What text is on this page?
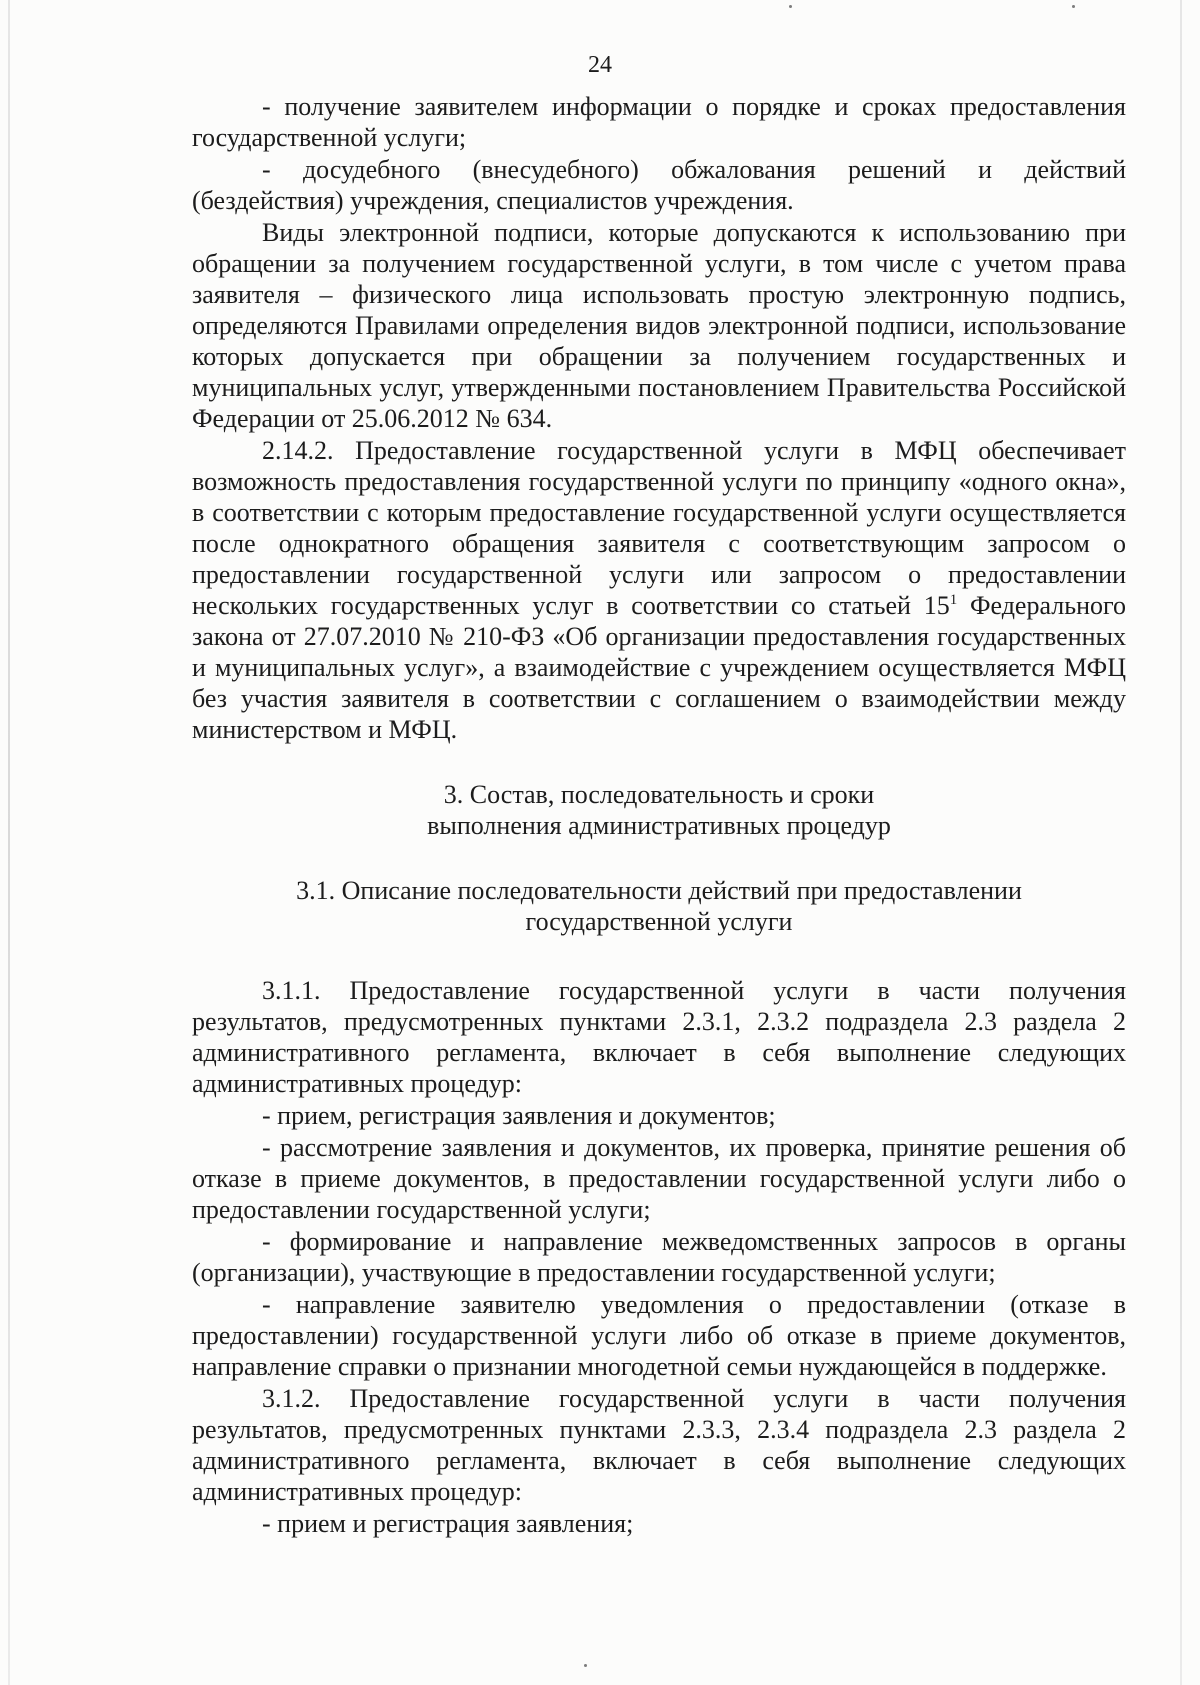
24

- получение заявителем информации о порядке и сроках предоставления государственной услуги;

- досудебного (внесудебного) обжалования решений и действий (бездействия) учреждения, специалистов учреждения.

Виды электронной подписи, которые допускаются к использованию при обращении за получением государственной услуги, в том числе с учетом права заявителя – физического лица использовать простую электронную подпись, определяются Правилами определения видов электронной подписи, использование которых допускается при обращении за получением государственных и муниципальных услуг, утвержденными постановлением Правительства Российской Федерации от 25.06.2012 № 634.

2.14.2. Предоставление государственной услуги в МФЦ обеспечивает возможность предоставления государственной услуги по принципу «одного окна», в соответствии с которым предоставление государственной услуги осуществляется после однократного обращения заявителя с соответствующим запросом о предоставлении государственной услуги или запросом о предоставлении нескольких государственных услуг в соответствии со статьей $15^1$ Федерального закона от 27.07.2010 № 210-ФЗ «Об организации предоставления государственных и муниципальных услуг», а взаимодействие с учреждением осуществляется МФЦ без участия заявителя в соответствии с соглашением о взаимодействии между министерством и МФЦ.

3. Состав, последовательность и сроки
выполнения административных процедур
3.1. Описание последовательности действий при предоставлении
государственной услуги

3.1.1. Предоставление государственной услуги в части получения результатов, предусмотренных пунктами 2.3.1, 2.3.2 подраздела 2.3 раздела 2 административного регламента, включает в себя выполнение следующих административных процедур:

- прием, регистрация заявления и документов;

- рассмотрение заявления и документов, их проверка, принятие решения об отказе в приеме документов, в предоставлении государственной услуги либо о предоставлении государственной услуги;

- формирование и направление межведомственных запросов в органы (организации), участвующие в предоставлении государственной услуги;

- направление заявителю уведомления о предоставлении (отказе в предоставлении) государственной услуги либо об отказе в приеме документов, направление справки о признании многодетной семьи нуждающейся в поддержке.

3.1.2. Предоставление государственной услуги в части получения результатов, предусмотренных пунктами 2.3.3, 2.3.4 подраздела 2.3 раздела 2 административного регламента, включает в себя выполнение следующих административных процедур:

- прием и регистрация заявления;
